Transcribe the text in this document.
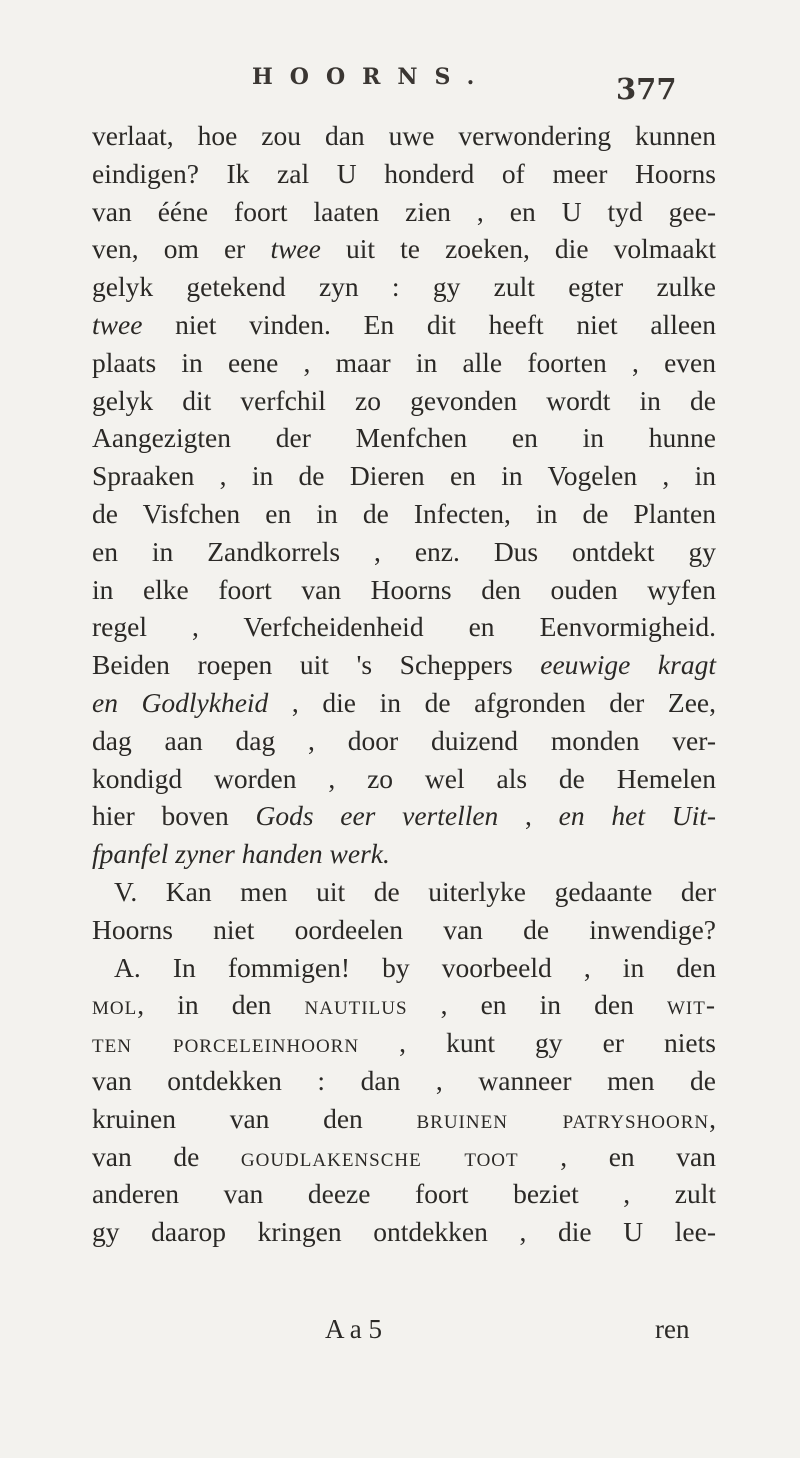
HOORNS.	377
verlaat, hoe zou dan uwe verwondering kunnen
eindigen? Ik zal U honderd of meer Hoorns
van ééne foort laaten zien , en U tyd gee-
ven, om er twee uit te zoeken, die volmaakt
gelyk getekend zyn : gy zult egter zulke
twee niet vinden. En dit heeft niet alleen
plaats in eene , maar in alle foorten , even
gelyk dit verfchil zo gevonden wordt in de
Aangezigten der Menfchen en in hunne
Spraaken , in de Dieren en in Vogelen , in
de Visfchen en in de Infecten, in de Planten
en in Zandkorrels , enz. Dus ontdekt gy
in elke foort van Hoorns den ouden wyfen
regel , Verfcheidenheid en Eenvormigheid.
Beiden roepen uit 's Scheppers eeuwige kragt
en Godlykheid , die in de afgronden der Zee,
dag aan dag , door duizend monden ver-
kondigd worden , zo wel als de Hemelen
hier boven Gods eer vertellen , en het Uit-
fpanfel zyner handen werk.
V. Kan men uit de uiterlyke gedaante der
Hoorns niet oordeelen van de inwendige?
A. In fommigen! by voorbeeld , in den
mol, in den nautilus , en in den wit-
ten porceleinhoorn , kunt gy er niets
van ontdekken : dan , wanneer men de
kruinen van den bruinen patryshoorn,
van de goudlakensche toot , en van
anderen van deeze foort beziet , zult
gy daarop kringen ontdekken , die U lee-
A a 5	ren
